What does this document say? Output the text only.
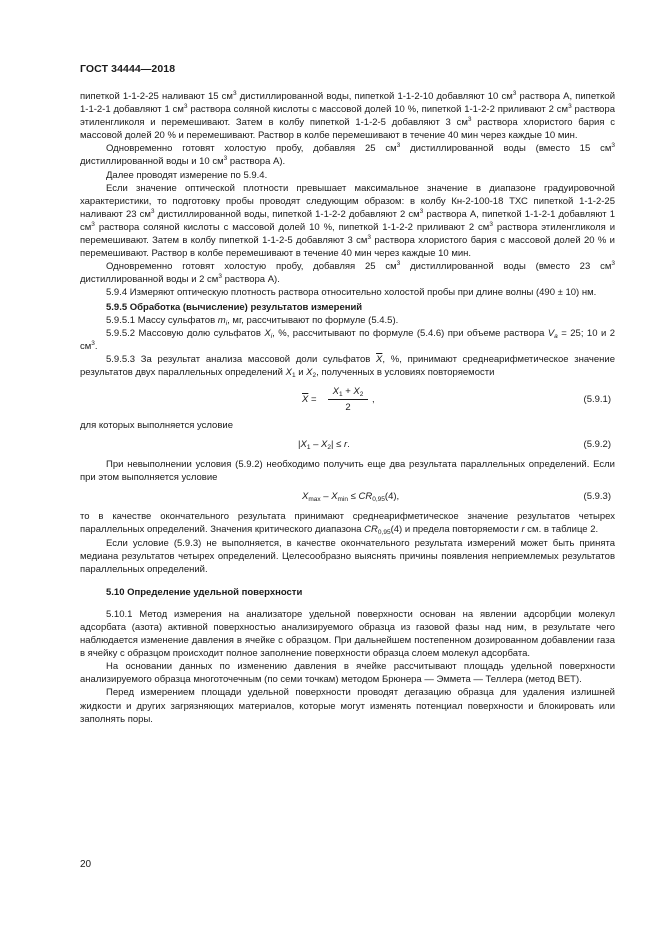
ГОСТ 34444—2018

пипеткой 1-1-2-25 наливают 15 $см^3$ дистиллированной воды, пипеткой 1-1-2-10 добавляют 10 $см^3$ раствора А, пипеткой 1-1-2-1 добавляют 1 $см^3$ раствора соляной кислоты с массовой долей 10 %, пипеткой 1-1-2-2 приливают 2 $см^3$ раствора этиленгликоля и перемешивают. Затем в колбу пипеткой 1-1-2-5 добавляют 3 $см^3$ раствора хлористого бария с массовой долей 20 % и перемешивают. Раствор в колбе перемешивают в течение 40 мин через каждые 10 мин.

Одновременно готовят холостую пробу, добавляя 25 $см^3$ дистиллированной воды (вместо 15 $см^3$ дистиллированной воды и 10 $см^3$ раствора А).

Далее проводят измерение по 5.9.4.

Если значение оптической плотности превышает максимальное значение в диапазоне градуировочной характеристики, то подготовку пробы проводят следующим образом: в колбу Кн-2-100-18 ТХС пипеткой 1-1-2-25 наливают 23 $см^3$ дистиллированной воды, пипеткой 1-1-2-2 добавляют 2 $см^3$ раствора А, пипеткой 1-1-2-1 добавляют 1 $см^3$ раствора соляной кислоты с массовой долей 10 %, пипеткой 1-1-2-2 приливают 2 $см^3$ раствора этиленгликоля и перемешивают. Затем в колбу пипеткой 1-1-2-5 добавляют 3 $см^3$ раствора хлористого бария с массовой долей 20 % и перемешивают. Раствор в колбе перемешивают в течение 40 мин через каждые 10 мин.

Одновременно готовят холостую пробу, добавляя 25 $см^3$ дистиллированной воды (вместо 23 $см^3$ дистиллированной воды и 2 $см^3$ раствора А).

5.9.4 Измеряют оптическую плотность раствора относительно холостой пробы при длине волны (490 ± 10) нм.

5.9.5 Обработка (вычисление) результатов измерений

5.9.5.1 Массу сульфатов $m_i$, мг, рассчитывают по формуле (5.4.5).

5.9.5.2 Массовую долю сульфатов $X_i$, %, рассчитывают по формуле (5.4.6) при объеме раствора $V_a = 25$; 10 и 2 $см^3$.

5.9.5.3 За результат анализа массовой доли сульфатов $\overline{X}$, %, принимают среднеарифметическое значение результатов двух параллельных определений $X_1$ и $X_2$, полученных в условиях повторяемости

$\overline{X}$ =
$X_1 + X_2$
2
,	(5.9.1)

для которых выполняется условие

$|X_1 - X_2| \le r$.	(5.9.2)

При невыполнении условия (5.9.2) необходимо получить еще два результата параллельных определений. Если при этом выполняется условие

$X_{max} - X_{min} \le CR_{0,95}(4)$,	(5.9.3)

то в качестве окончательного результата принимают среднеарифметическое значение результатов четырех параллельных определений. Значения критического диапазона $CR_{0,95}(4)$ и предела повторяемости r см. в таблице 2.

Если условие (5.9.3) не выполняется, в качестве окончательного результата измерений может быть принята медиана результатов четырех определений. Целесообразно выяснять причины появления неприемлемых результатов параллельных определений.

5.10 Определение удельной поверхности

5.10.1 Метод измерения на анализаторе удельной поверхности основан на явлении адсорбции молекул адсорбата (азота) активной поверхностью анализируемого образца из газовой фазы над ним, в результате чего наблюдается изменение давления в ячейке с образцом. При дальнейшем постепенном дозированном добавлении газа в ячейку с образцом происходит полное заполнение поверхности образца слоем молекул адсорбата.

На основании данных по изменению давления в ячейке рассчитывают площадь удельной поверхности анализируемого образца многоточечным (по семи точкам) методом Брюнера — Эммета — Теллера (метод BET).

Перед измерением площади удельной поверхности проводят дегазацию образца для удаления излишней жидкости и других загрязняющих материалов, которые могут изменять потенциал поверхности и блокировать или заполнять поры.

20
